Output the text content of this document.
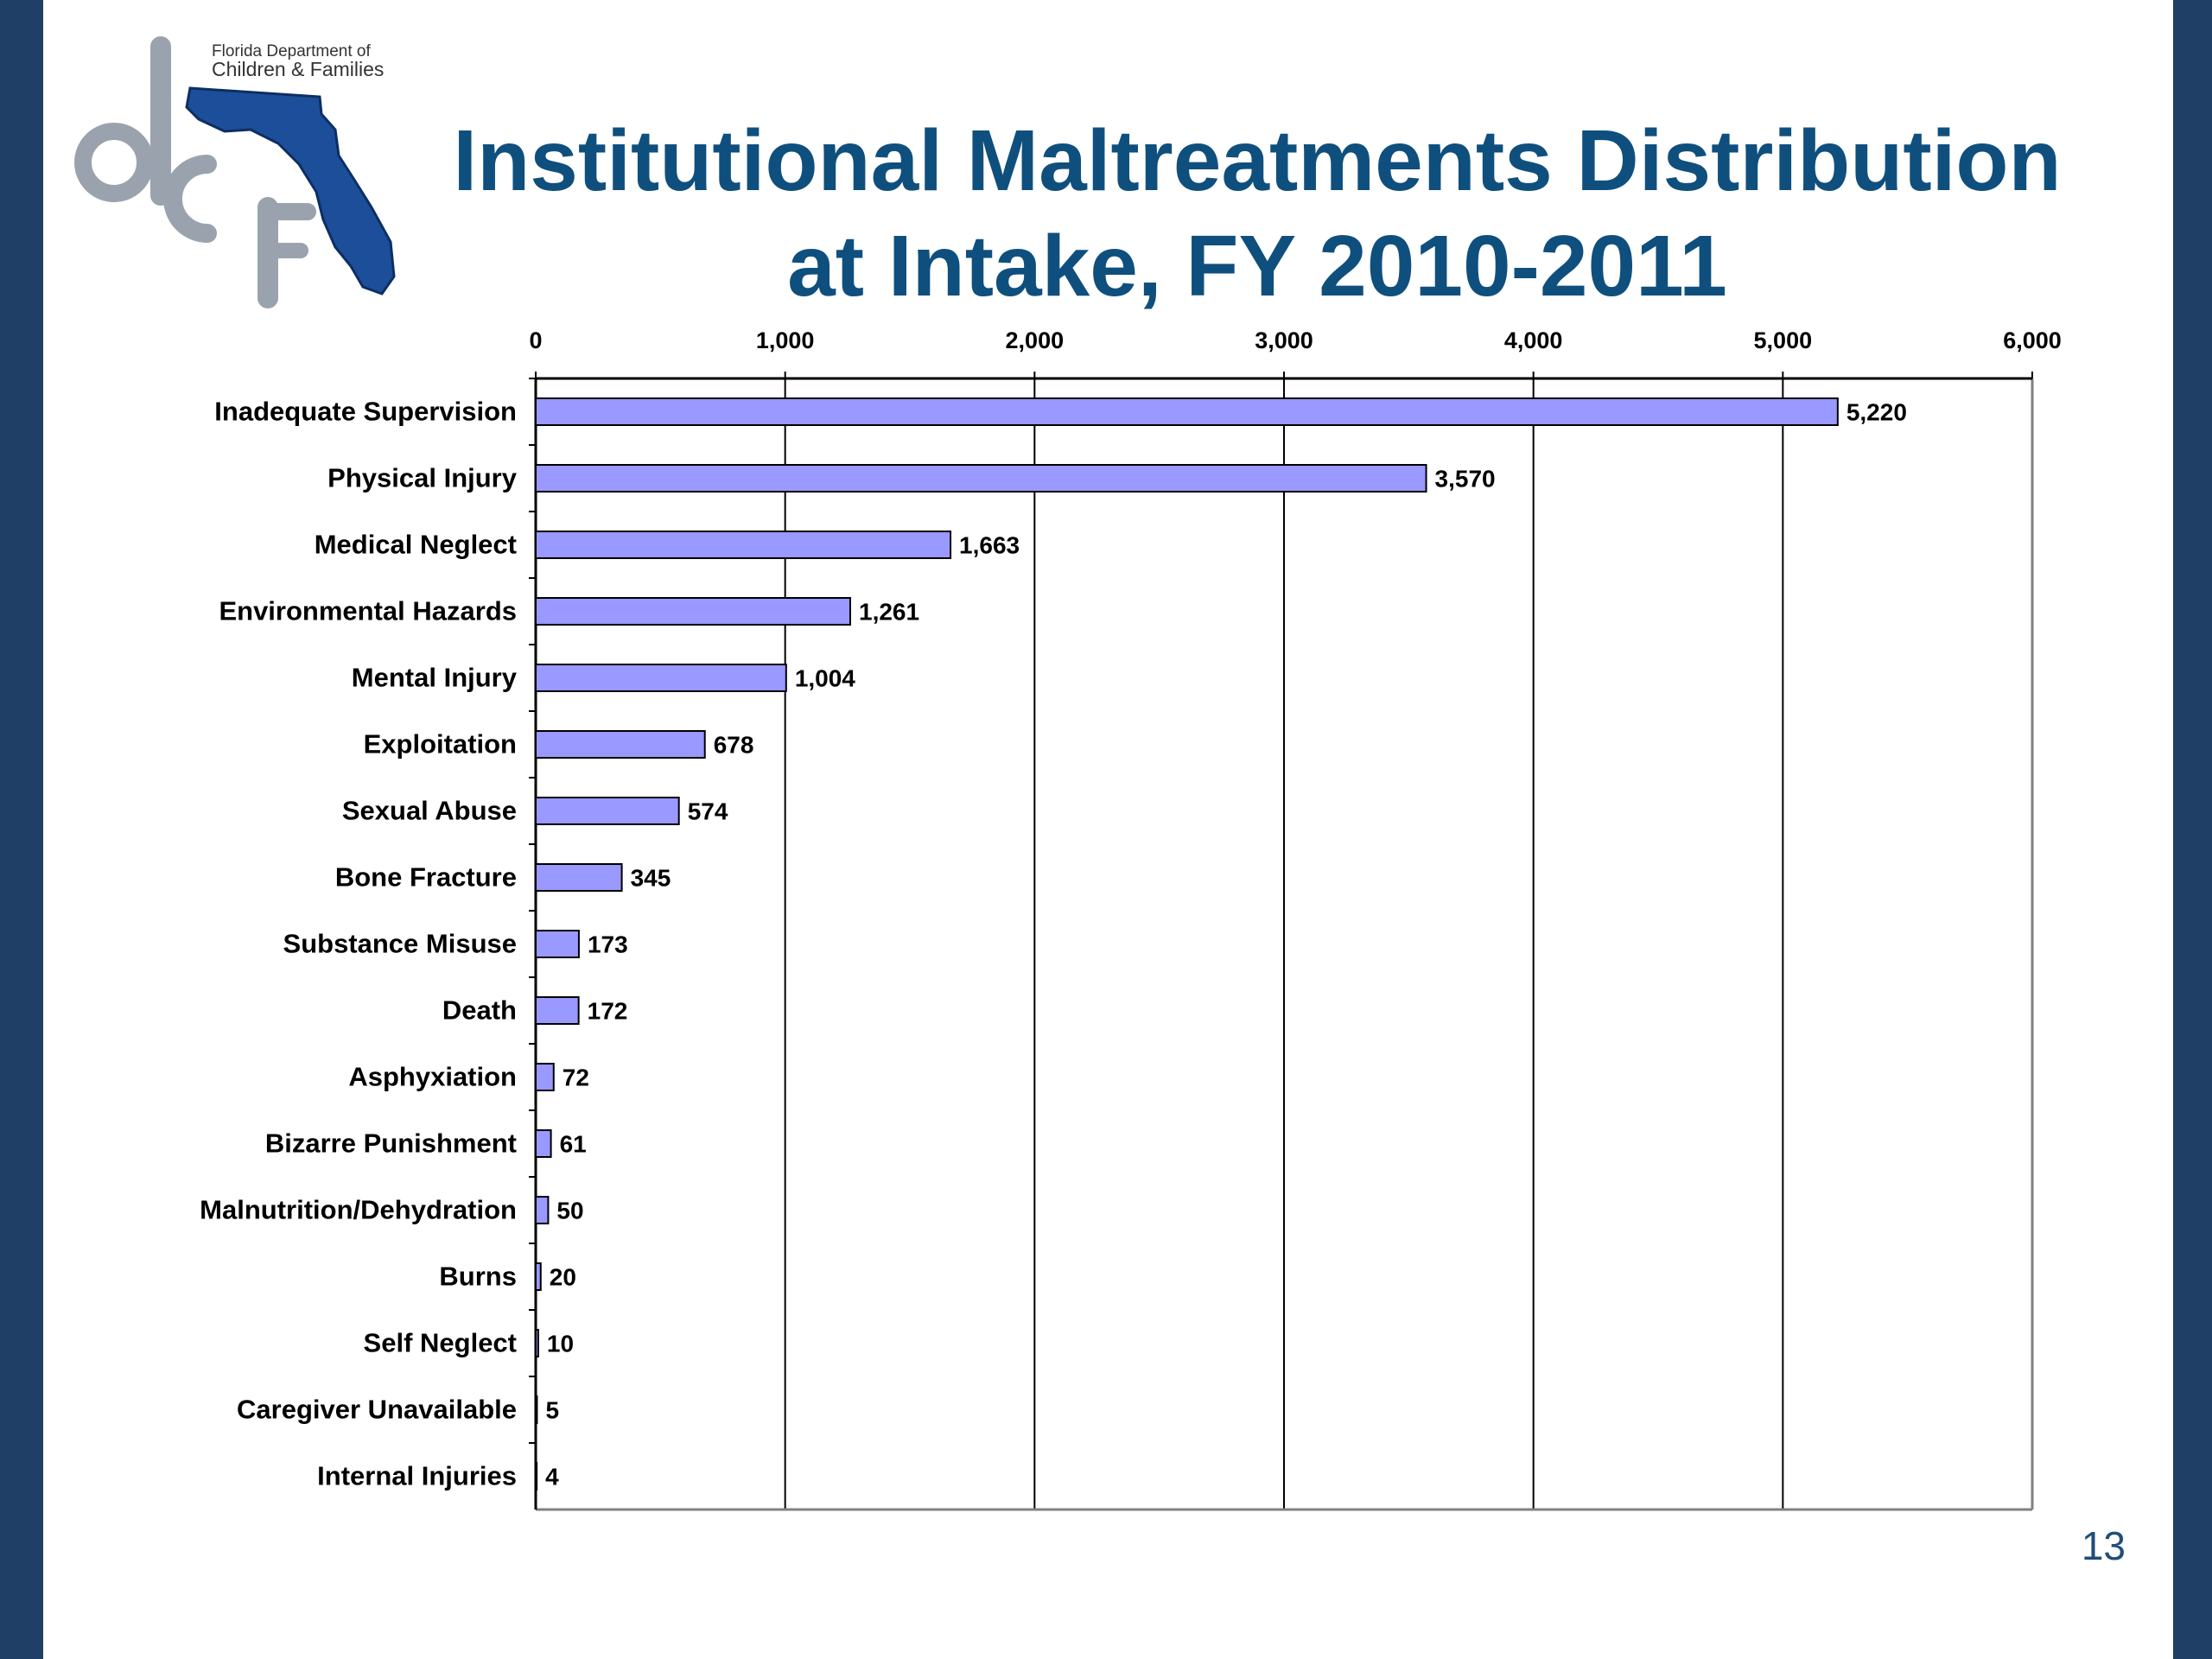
Florida Department of
Children & Families
Institutional Maltreatments Distribution
at Intake, FY 2010-2011
0	1,000	2,000	3,000	4,000	5,000	6,000
Inadequate Supervision	5,220
Physical Injury	3,570
Medical Neglect	1,663
Environmental Hazards	1,261
Mental Injury	1,004
Exploitation	678
Sexual Abuse	574
Bone Fracture	345
Substance Misuse	173
Death	172
Asphyxiation 72
Bizarre Punishment 61
Malnutrition/Dehydration 50
Burns 20
Self Neglect 10
Caregiver Unavailable 5
Internal Injuries 4
13
